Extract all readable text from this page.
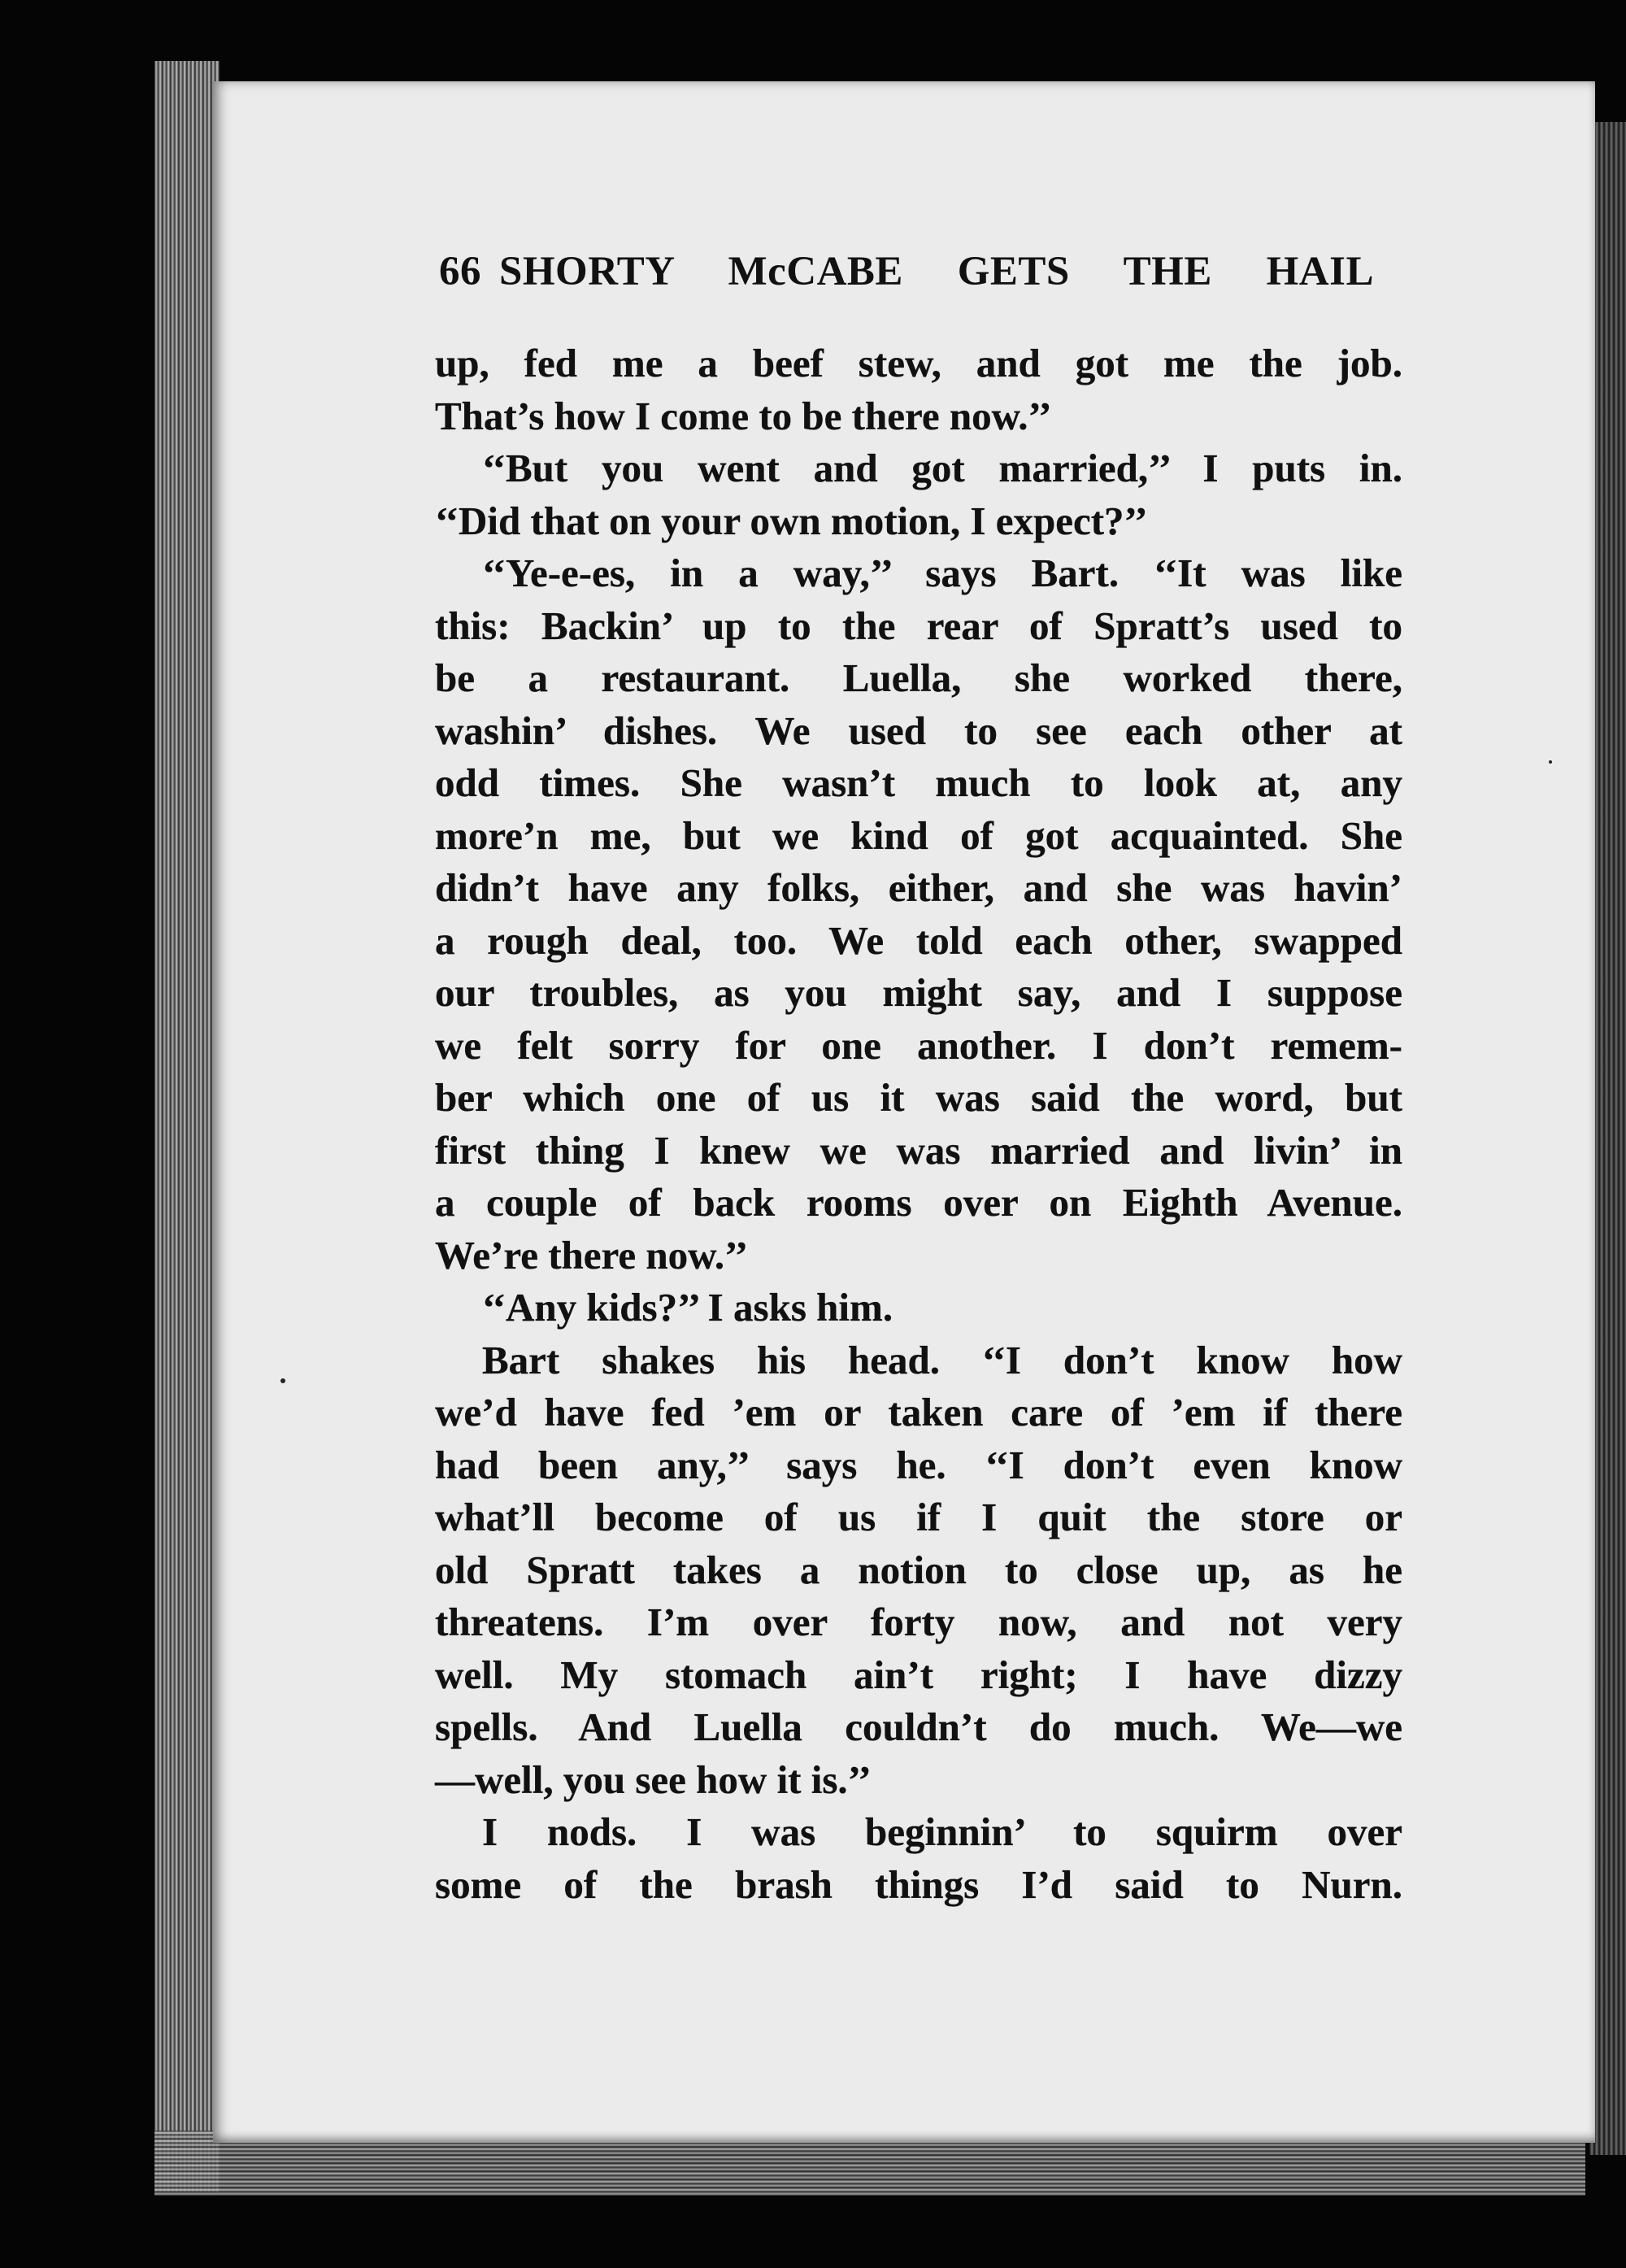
66 SHORTY McCABE GETS THE HAIL
up, fed me a beef stew, and got me the job.
That’s how I come to be there now.’’
‘‘But you went and got married,’’ I puts in.
‘‘Did that on your own motion, I expect?’’
‘‘Ye-e-es, in a way,’’ says Bart. ‘‘It was like
this: Backin’ up to the rear of Spratt’s used to
be a restaurant. Luella, she worked there,
washin’ dishes. We used to see each other at
odd times. She wasn’t much to look at, any
more’n me, but we kind of got acquainted. She
didn’t have any folks, either, and she was havin’
a rough deal, too. We told each other, swapped
our troubles, as you might say, and I suppose
we felt sorry for one another. I don’t remem-
ber which one of us it was said the word, but
first thing I knew we was married and livin’ in
a couple of back rooms over on Eighth Avenue.
We’re there now.’’
‘‘Any kids?’’ I asks him.
Bart shakes his head. ‘‘I don’t know how
we’d have fed ’em or taken care of ’em if there
had been any,’’ says he. ‘‘I don’t even know
what’ll become of us if I quit the store or
old Spratt takes a notion to close up, as he
threatens. I’m over forty now, and not very
well. My stomach ain’t right; I have dizzy
spells. And Luella couldn’t do much. We—we
—well, you see how it is.’’
I nods. I was beginnin’ to squirm over
some of the brash things I’d said to Nurn.
